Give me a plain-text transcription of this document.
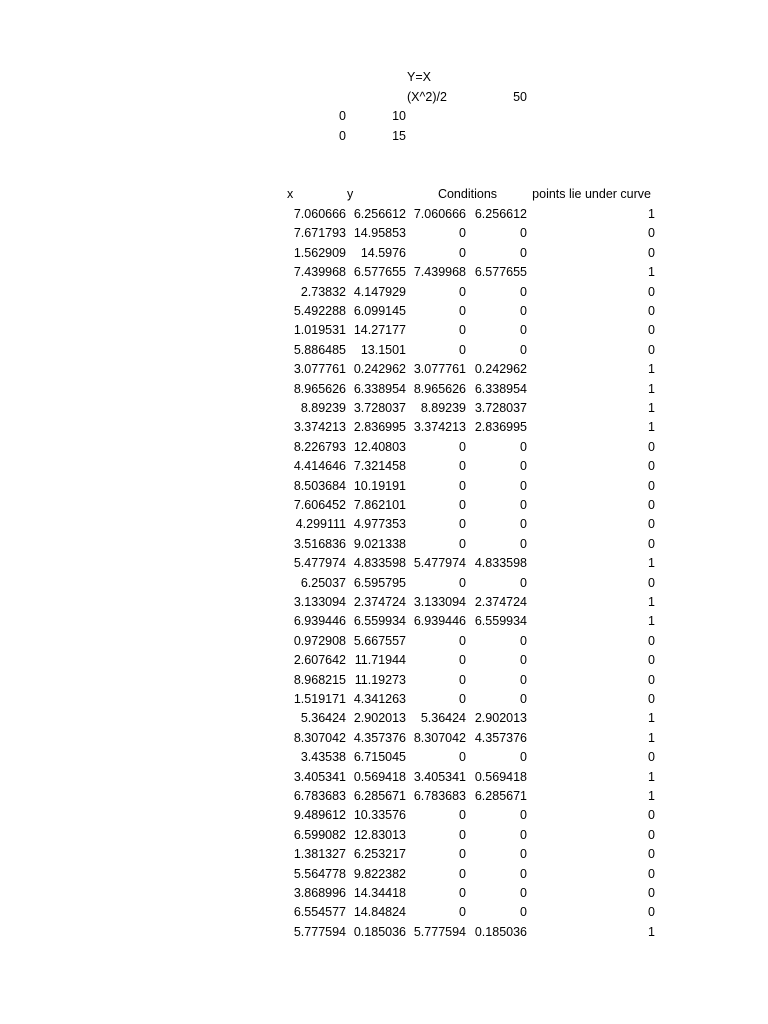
Y=X
(X^2)/2	50
0	10
0	15
x	y	Conditions	points lie under curve
7.060666 6.256612 7.060666 6.256612	1
7.671793 14.95853	0	0	0
1.562909	14.5976	0	0	0
7.439968 6.577655 7.439968 6.577655	1
2.73832 4.147929	0	0	0
5.492288 6.099145	0	0	0
1.019531 14.27177	0	0	0
5.886485	13.1501	0	0	0
3.077761 0.242962 3.077761 0.242962	1
8.965626 6.338954 8.965626 6.338954	1
8.89239 3.728037	8.89239 3.728037	1
3.374213 2.836995 3.374213 2.836995	1
8.226793 12.40803	0	0	0
4.414646 7.321458	0	0	0
8.503684 10.19191	0	0	0
7.606452 7.862101	0	0	0
4.299111 4.977353	0	0	0
3.516836 9.021338	0	0	0
5.477974 4.833598 5.477974 4.833598	1
6.25037 6.595795	0	0	0
3.133094 2.374724 3.133094 2.374724	1
6.939446 6.559934 6.939446 6.559934	1
0.972908 5.667557	0	0	0
2.607642 11.71944	0	0	0
8.968215 11.19273	0	0	0
1.519171 4.341263	0	0	0
5.36424 2.902013	5.36424 2.902013	1
8.307042 4.357376 8.307042 4.357376	1
3.43538 6.715045	0	0	0
3.405341 0.569418 3.405341 0.569418	1
6.783683 6.285671 6.783683 6.285671	1
9.489612 10.33576	0	0	0
6.599082 12.83013	0	0	0
1.381327 6.253217	0	0	0
5.564778 9.822382	0	0	0
3.868996 14.34418	0	0	0
6.554577 14.84824	0	0	0
5.777594 0.185036 5.777594 0.185036	1
